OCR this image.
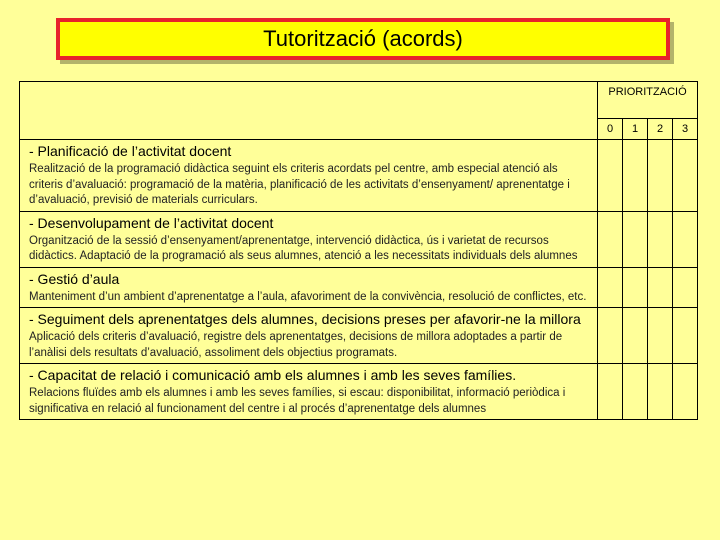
Tutorització (acords)
	PRIORITZACIÓ			
	0	1	2	3

- Planificació de l’activitat docent
Realització de la programació didàctica seguint els criteris acordats pel centre, amb especial atenció als criteris d’avaluació: programació de la matèria, planificació de les activitats d’ensenyament/ aprenentatge i d’avaluació, previsió de materials curriculars.				

- Desenvolupament de l’activitat docent
Organització de la sessió d’ensenyament/aprenentatge, intervenció didàctica, ús i varietat de recursos didàctics. Adaptació de la programació als seus alumnes, atenció a les necessitats individuals dels alumnes				

- Gestió d’aula
Manteniment d’un ambient d’aprenentatge a l’aula, afavoriment de la convivència, resolució de conflictes, etc.				

- Seguiment dels aprenentatges dels alumnes, decisions preses per afavorir-ne la millora
Aplicació dels criteris d’avaluació, registre dels aprenentatges, decisions de millora adoptades a partir de l’anàlisi dels resultats d’avaluació, assoliment dels objectius programats.				

- Capacitat de relació i comunicació amb els alumnes i amb les seves famílies.
Relacions fluïdes amb els alumnes i amb les seves famílies, si escau: disponibilitat, informació periòdica i significativa en relació al funcionament del centre i al procés d’aprenentatge dels alumnes				
